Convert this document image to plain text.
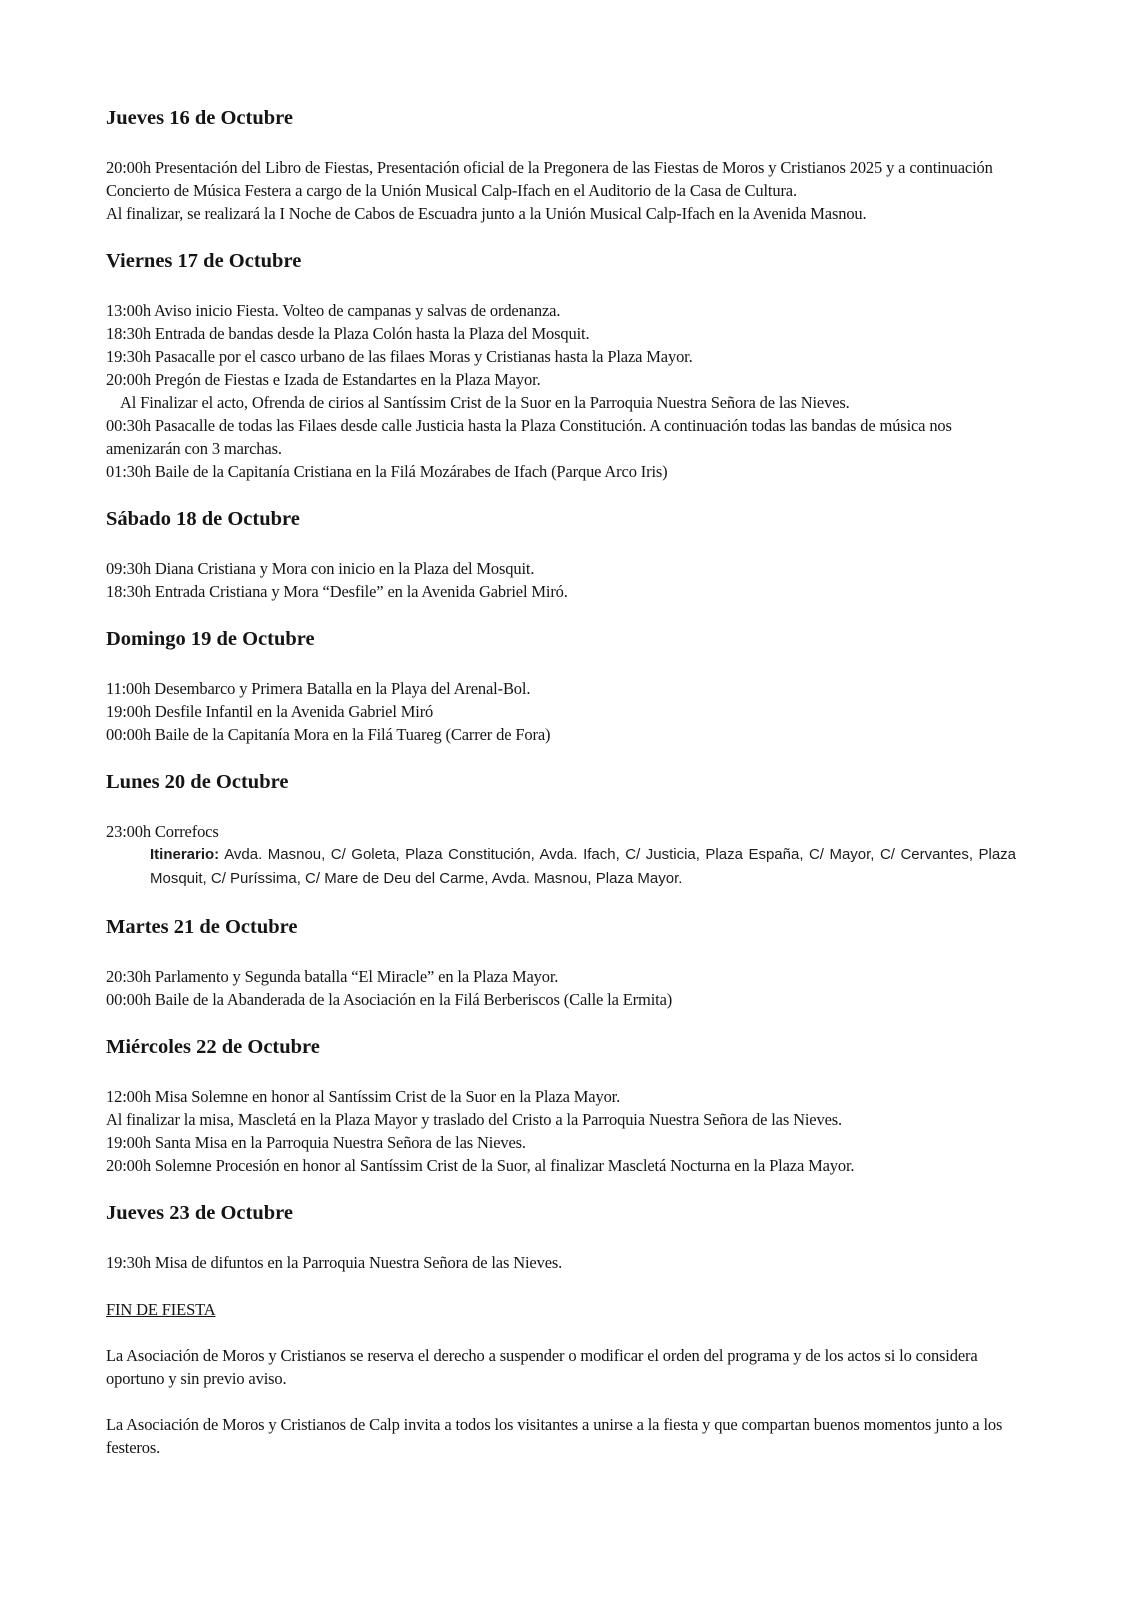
Jueves 16 de Octubre
20:00h Presentación del Libro de Fiestas, Presentación oficial de la Pregonera de las Fiestas de Moros y Cristianos 2025 y a continuación Concierto de Música Festera a cargo de la Unión Musical Calp-Ifach en el Auditorio de la Casa de Cultura.
Al finalizar, se realizará la I Noche de Cabos de Escuadra junto a la Unión Musical Calp-Ifach en la Avenida Masnou.
Viernes 17 de Octubre
13:00h Aviso inicio Fiesta. Volteo de campanas y salvas de ordenanza.
18:30h Entrada de bandas desde la Plaza Colón hasta la Plaza del Mosquit.
19:30h Pasacalle por el casco urbano de las filaes Moras y Cristianas hasta la Plaza Mayor.
20:00h Pregón de Fiestas e Izada de Estandartes en la Plaza Mayor.
Al Finalizar el acto, Ofrenda de cirios al Santíssim Crist de la Suor en la Parroquia Nuestra Señora de las Nieves.
00:30h Pasacalle de todas las Filaes desde calle Justicia hasta la Plaza Constitución. A continuación todas las bandas de música nos amenizarán con 3 marchas.
01:30h Baile de la Capitanía Cristiana en la Filá Mozárabes de Ifach (Parque Arco Iris)
Sábado 18 de Octubre
09:30h Diana Cristiana y Mora con inicio en la Plaza del Mosquit.
18:30h Entrada Cristiana y Mora “Desfile” en la Avenida Gabriel Miró.
Domingo 19 de Octubre
11:00h Desembarco y Primera Batalla en la Playa del Arenal-Bol.
19:00h Desfile Infantil en la Avenida Gabriel Miró
00:00h Baile de la Capitanía Mora en la Filá Tuareg (Carrer de Fora)
Lunes 20 de Octubre
23:00h Correfocs
Itinerario: Avda. Masnou, C/ Goleta, Plaza Constitución, Avda. Ifach, C/ Justicia, Plaza España, C/ Mayor, C/ Cervantes, Plaza Mosquit, C/ Puríssima, C/ Mare de Deu del Carme, Avda. Masnou, Plaza Mayor.
Martes 21 de Octubre
20:30h Parlamento y Segunda batalla “El Miracle” en la Plaza Mayor.
00:00h Baile de la Abanderada de la Asociación en la Filá Berberiscos (Calle la Ermita)
Miércoles 22 de Octubre
12:00h Misa Solemne en honor al Santíssim Crist de la Suor en la Plaza Mayor.
Al finalizar la misa, Mascletá en la Plaza Mayor y traslado del Cristo a la Parroquia Nuestra Señora de las Nieves.
19:00h Santa Misa en la Parroquia Nuestra Señora de las Nieves.
20:00h Solemne Procesión en honor al Santíssim Crist de la Suor, al finalizar Mascletá Nocturna en la Plaza Mayor.
Jueves 23 de Octubre
19:30h Misa de difuntos en la Parroquia Nuestra Señora de las Nieves.
FIN DE FIESTA

La Asociación de Moros y Cristianos se reserva el derecho a suspender o modificar el orden del programa y de los actos si lo considera oportuno y sin previo aviso.

La Asociación de Moros y Cristianos de Calp invita a todos los visitantes a unirse a la fiesta y que compartan buenos momentos junto a los festeros.
